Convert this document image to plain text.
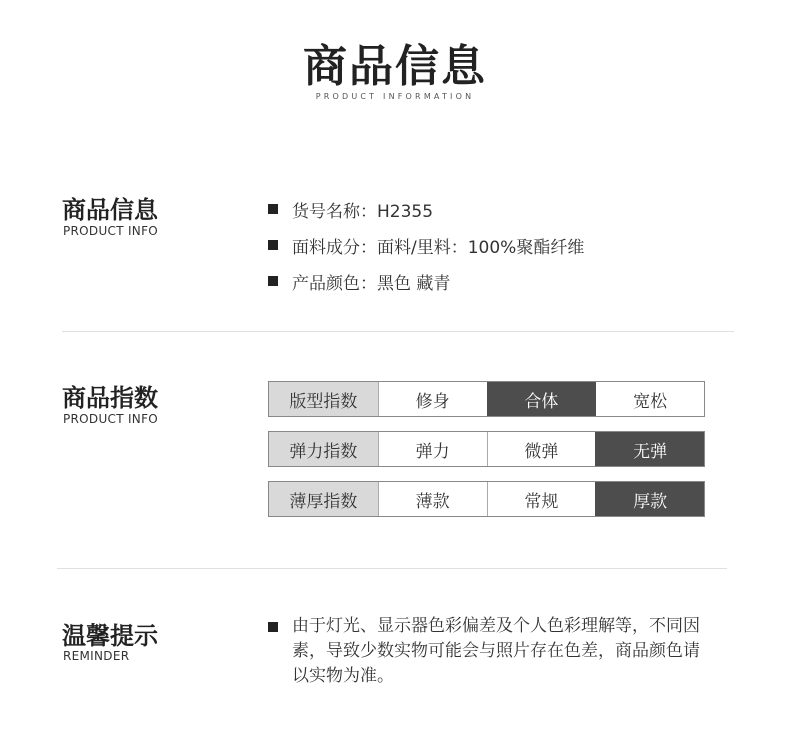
商品信息
PRODUCT INFORMATION
商品信息
PRODUCT INFO
货号名称：H2355
面料成分：面料/里料：100%聚酯纤维
产品颜色：黑色 藏青
商品指数
PRODUCT INFO
版型指数	修身	合体	宽松
弹力指数	弹力	微弹	无弹
薄厚指数	薄款	常规	厚款
温馨提示
REMINDER
由于灯光、显示器色彩偏差及个人色彩理解等，不同因素，导致少数实物可能会与照片存在色差，商品颜色请以实物为准。
